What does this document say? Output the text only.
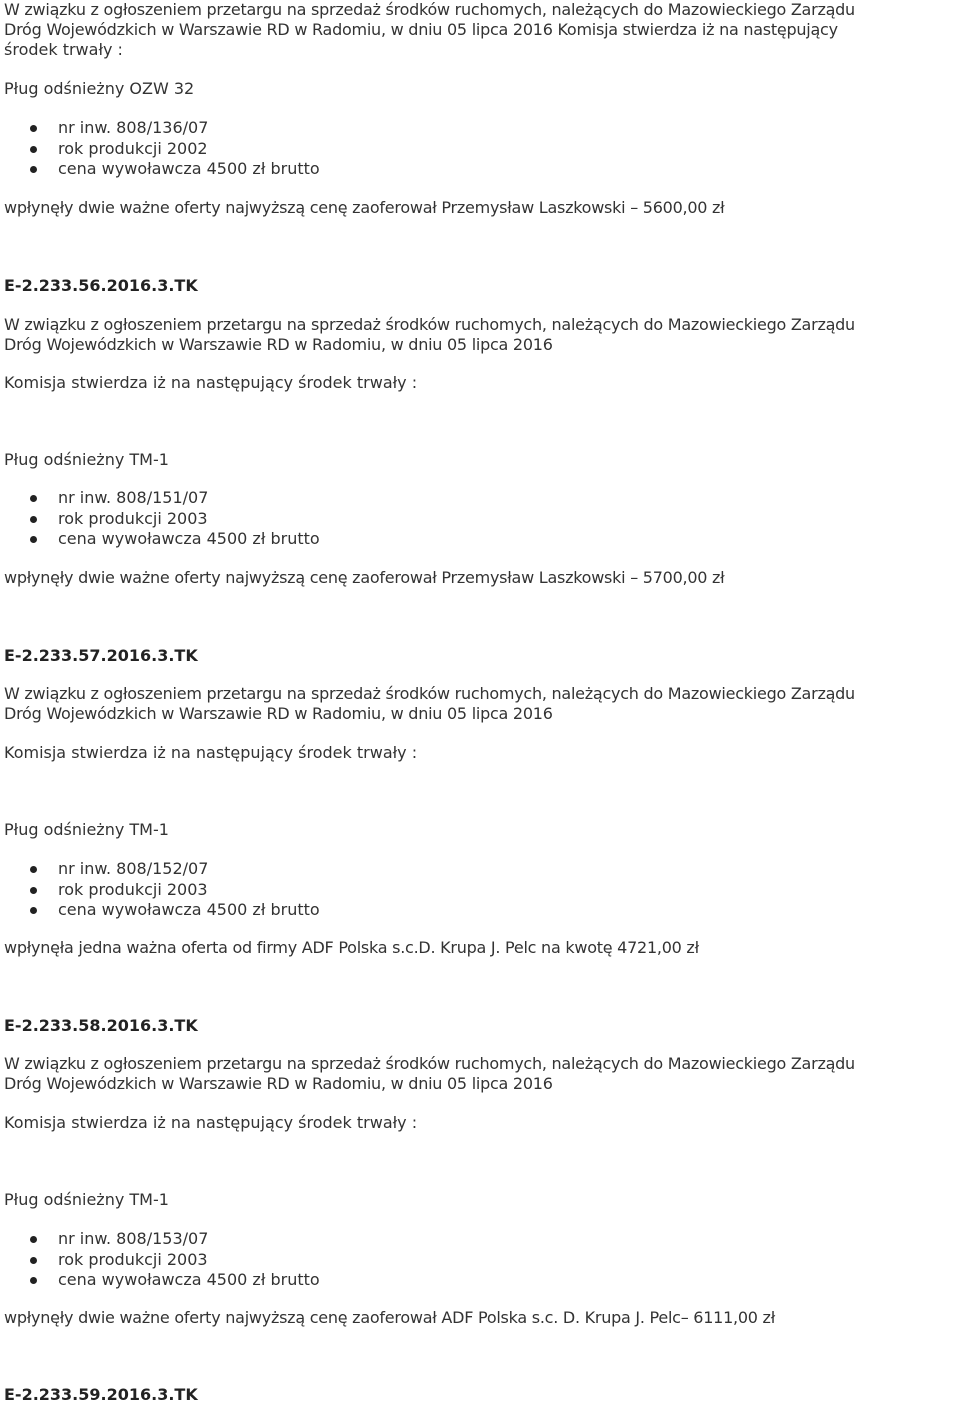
W związku z ogłoszeniem przetargu na sprzedaż środków ruchomych, należących do Mazowieckiego Zarządu
Dróg Wojewódzkich w Warszawie RD w Radomiu, w dniu 05 lipca 2016 Komisja stwierdza iż na następujący
środek trwały :
Pług odśnieżny OZW 32
nr inw. 808/136/07
rok produkcji 2002
cena wywoławcza 4500 zł brutto
wpłynęły dwie ważne oferty najwyższą cenę zaoferował Przemysław Laszkowski – 5600,00 zł
E-2.233.56.2016.3.TK
W związku z ogłoszeniem przetargu na sprzedaż środków ruchomych, należących do Mazowieckiego Zarządu
Dróg Wojewódzkich w Warszawie RD w Radomiu, w dniu 05 lipca 2016
Komisja stwierdza iż na następujący środek trwały :
Pług odśnieżny TM-1
nr inw. 808/151/07
rok produkcji 2003
cena wywoławcza 4500 zł brutto
wpłynęły dwie ważne oferty najwyższą cenę zaoferował Przemysław Laszkowski – 5700,00 zł
E-2.233.57.2016.3.TK
W związku z ogłoszeniem przetargu na sprzedaż środków ruchomych, należących do Mazowieckiego Zarządu
Dróg Wojewódzkich w Warszawie RD w Radomiu, w dniu 05 lipca 2016
Komisja stwierdza iż na następujący środek trwały :
Pług odśnieżny TM-1
nr inw. 808/152/07
rok produkcji 2003
cena wywoławcza 4500 zł brutto
wpłynęła jedna ważna oferta od firmy ADF Polska s.c.D. Krupa J. Pelc na kwotę 4721,00 zł
E-2.233.58.2016.3.TK
W związku z ogłoszeniem przetargu na sprzedaż środków ruchomych, należących do Mazowieckiego Zarządu
Dróg Wojewódzkich w Warszawie RD w Radomiu, w dniu 05 lipca 2016
Komisja stwierdza iż na następujący środek trwały :
Pług odśnieżny TM-1
nr inw. 808/153/07
rok produkcji 2003
cena wywoławcza 4500 zł brutto
wpłynęły dwie ważne oferty najwyższą cenę zaoferował ADF Polska s.c. D. Krupa J. Pelc– 6111,00 zł
E-2.233.59.2016.3.TK
